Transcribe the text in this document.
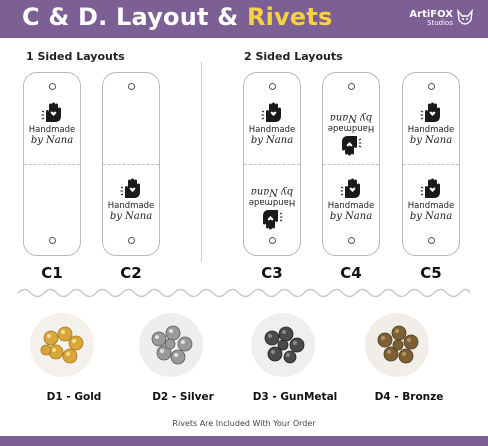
C & D. Layout & Rivets	ArtiFOX
Studios
1 Sided Layouts	2 Sided Layouts
Handmade
by Nana
Handmade
by Nana
Handmade
by Nana
Handmade
by Nana
Handmade
by Nana
Handmade
by Nana
Handmade
by Nana
Handmade
by Nana
C1	C2	C3	C4	C5
D1 - Gold	D2 - Silver	D3 - GunMetal	D4 - Bronze
Rivets Are Included With Your Order
